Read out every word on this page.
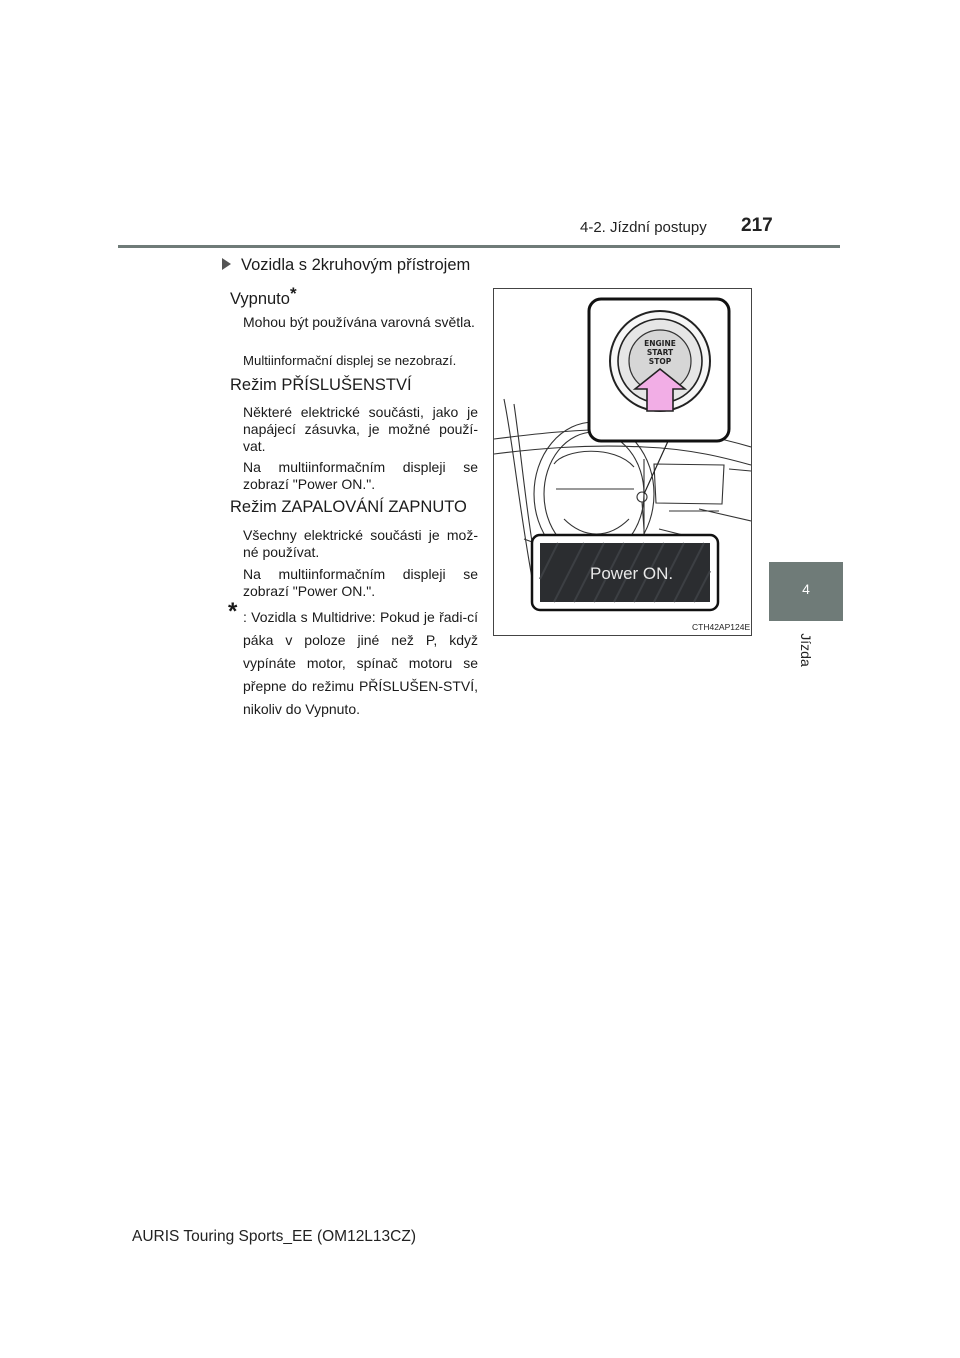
4-2. Jízdní postupy 217
4
Jízda
Vozidla s 2kruhovým přístrojem
Vypnuto*
Mohou být používána varovná světla.
Multiinformační displej se nezobrazí.
Režim PŘÍSLUŠENSTVÍ
Některé elektrické součásti, jako je napájecí zásuvka, je možné použí-vat.
Na multiinformačním displeji se zobrazí "Power ON.".
Režim ZAPALOVÁNÍ ZAPNUTO
Všechny elektrické součásti je mož-né používat.
Na multiinformačním displeji se zobrazí "Power ON.".
* : Vozidla s Multidrive: Pokud je řadi-cí páka v poloze jiné než P, když vypínáte motor, spínač motoru se přepne do režimu PŘÍSLUŠEN-STVÍ, nikoliv do Vypnuto.
ENGINE
START
STOP
Power ON.
CTH42AP124E
AURIS Touring Sports_EE (OM12L13CZ)
